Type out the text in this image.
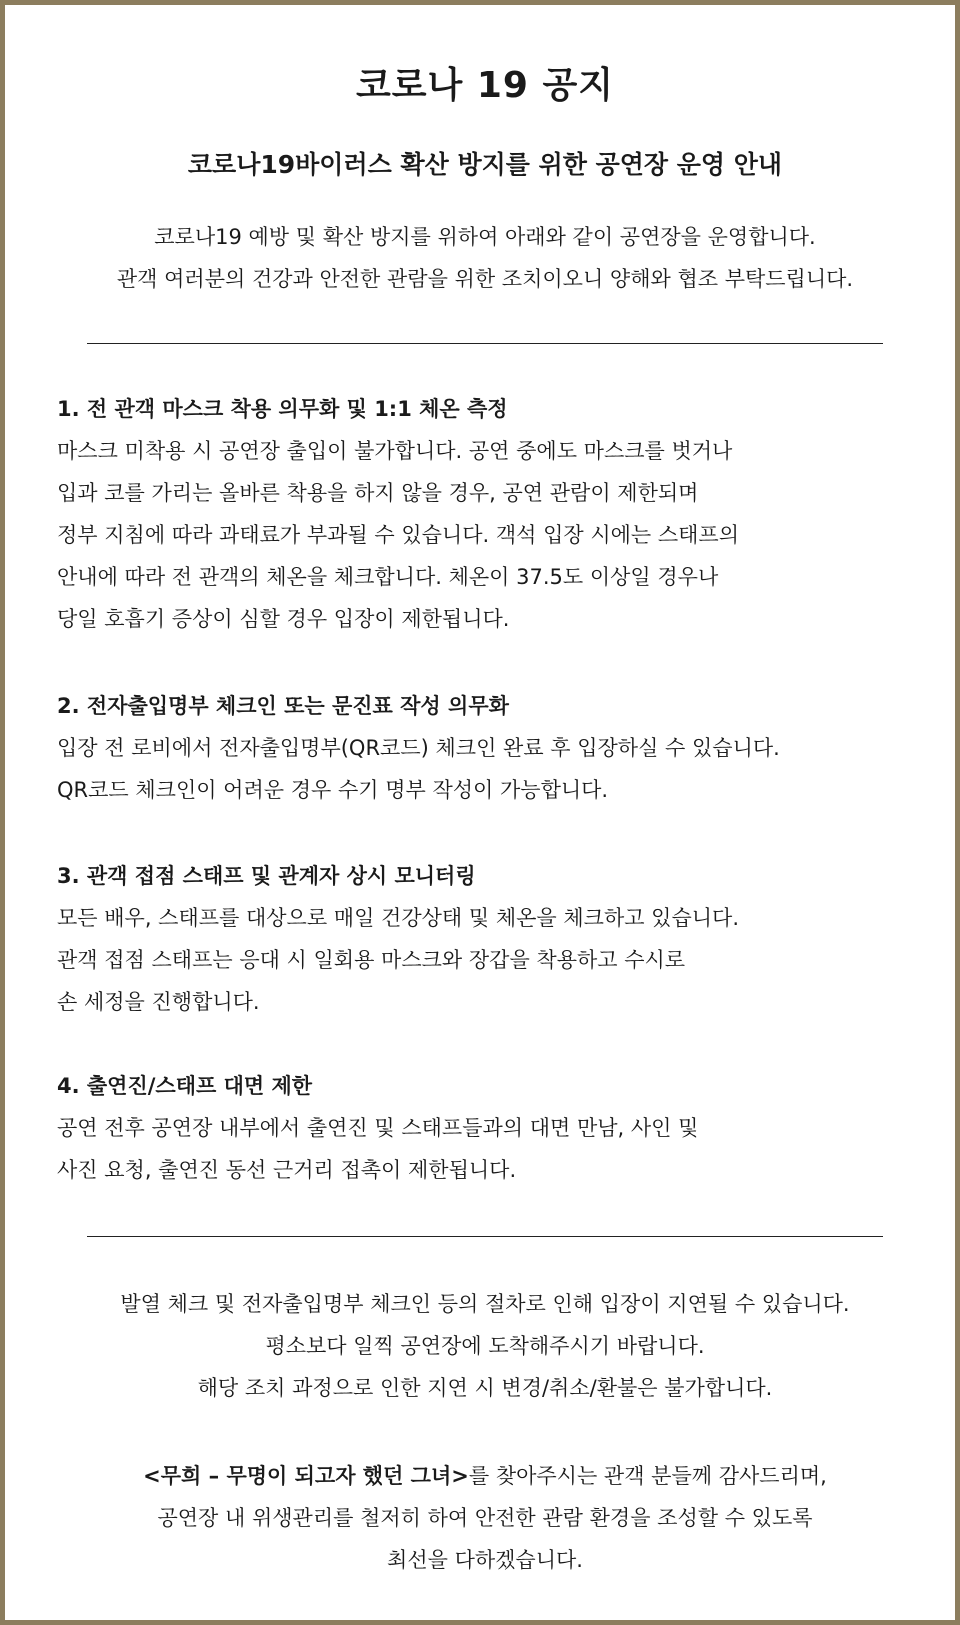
코로나 19 공지
코로나19바이러스 확산 방지를 위한 공연장 운영 안내
코로나19 예방 및 확산 방지를 위하여 아래와 같이 공연장을 운영합니다.
관객 여러분의 건강과 안전한 관람을 위한 조치이오니 양해와 협조 부탁드립니다.
1. 전 관객 마스크 착용 의무화 및 1:1 체온 측정

마스크 미착용 시 공연장 출입이 불가합니다. 공연 중에도 마스크를 벗거나
입과 코를 가리는 올바른 착용을 하지 않을 경우, 공연 관람이 제한되며
정부 지침에 따라 과태료가 부과될 수 있습니다. 객석 입장 시에는 스태프의
안내에 따라 전 관객의 체온을 체크합니다. 체온이 37.5도 이상일 경우나
당일 호흡기 증상이 심할 경우 입장이 제한됩니다.

2. 전자출입명부 체크인 또는 문진표 작성 의무화

입장 전 로비에서 전자출입명부(QR코드) 체크인 완료 후 입장하실 수 있습니다.
QR코드 체크인이 어려운 경우 수기 명부 작성이 가능합니다.

3. 관객 접점 스태프 및 관계자 상시 모니터링

모든 배우, 스태프를 대상으로 매일 건강상태 및 체온을 체크하고 있습니다.
관객 접점 스태프는 응대 시 일회용 마스크와 장갑을 착용하고 수시로
손 세정을 진행합니다.

4. 출연진/스태프 대면 제한

공연 전후 공연장 내부에서 출연진 및 스태프들과의 대면 만남, 사인 및
사진 요청, 출연진 동선 근거리 접촉이 제한됩니다.

발열 체크 및 전자출입명부 체크인 등의 절차로 인해 입장이 지연될 수 있습니다.
평소보다 일찍 공연장에 도착해주시기 바랍니다.
해당 조치 과정으로 인한 지연 시 변경/취소/환불은 불가합니다.
<무희 – 무명이 되고자 했던 그녀>를 찾아주시는 관객 분들께 감사드리며,
공연장 내 위생관리를 철저히 하여 안전한 관람 환경을 조성할 수 있도록
최선을 다하겠습니다.
